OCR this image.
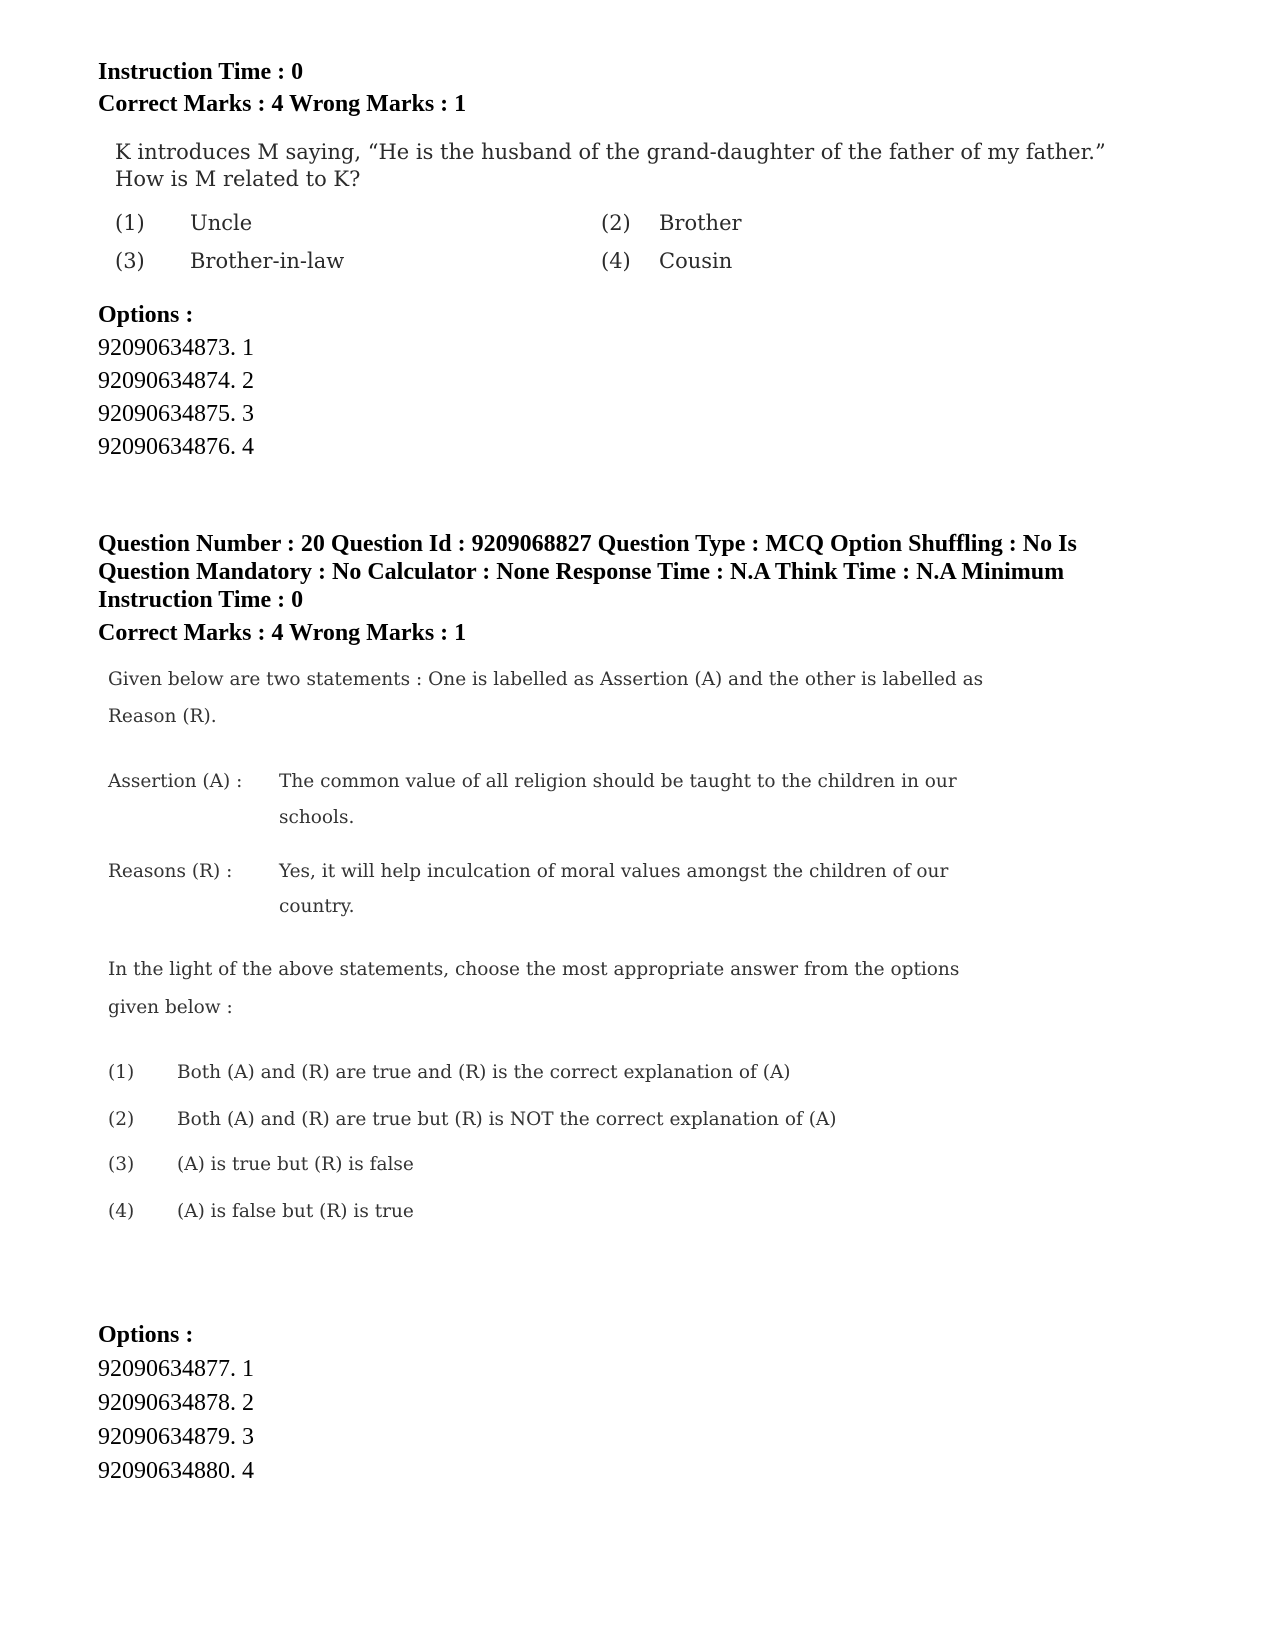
Instruction Time : 0
Correct Marks : 4 Wrong Marks : 1
K introduces M saying, “He is the husband of the grand-daughter of the father of my father.”
How is M related to K?
(1) Uncle	(2) Brother
(3) Brother-in-law	(4) Cousin
Options :
92090634873. 1
92090634874. 2
92090634875. 3
92090634876. 4
Question Number : 20 Question Id : 9209068827 Question Type : MCQ Option Shuffling : No Is
Question Mandatory : No Calculator : None Response Time : N.A Think Time : N.A Minimum
Instruction Time : 0
Correct Marks : 4 Wrong Marks : 1
Given below are two statements : One is labelled as Assertion (A) and the other is labelled as
Reason (R).
Assertion (A) : The common value of all religion should be taught to the children in our
schools.
Reasons (R) :	Yes, it will help inculcation of moral values amongst the children of our
country.
In the light of the above statements, choose the most appropriate answer from the options
given below :
(1) Both (A) and (R) are true and (R) is the correct explanation of (A)
(2) Both (A) and (R) are true but (R) is NOT the correct explanation of (A)
(3) (A) is true but (R) is false
(4) (A) is false but (R) is true
Options :
92090634877. 1
92090634878. 2
92090634879. 3
92090634880. 4
